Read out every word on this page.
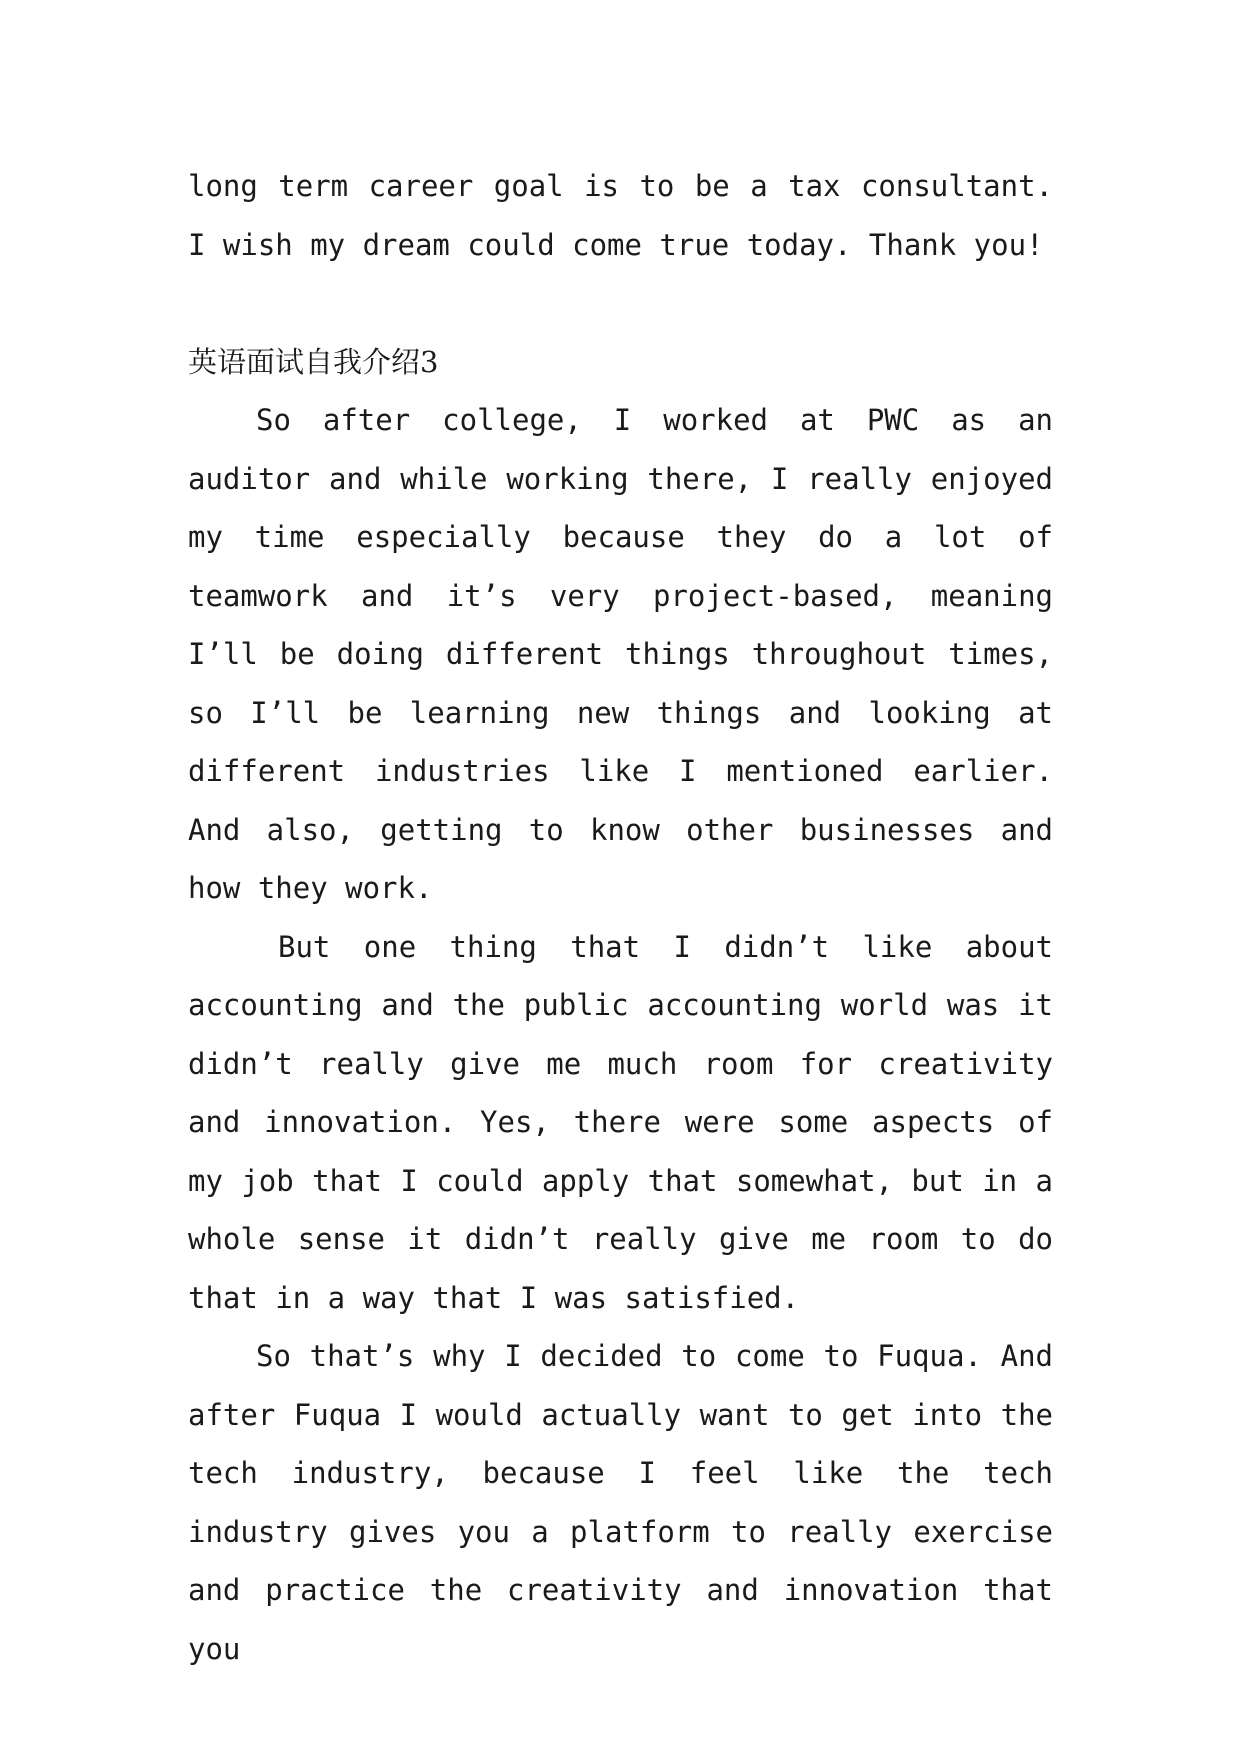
long term career goal is to be a tax consultant. I wish my dream could come true today. Thank you!

英语面试自我介绍3

So after college, I worked at PWC as an auditor and while working there, I really enjoyed my time especially because they do a lot of teamwork and it’s very project-based, meaning I’ll be doing different things throughout times, so I’ll be learning new things and looking at different industries like I mentioned earlier. And also, getting to know other businesses and how they work.

But one thing that I didn’t like about accounting and the public accounting world was it didn’t really give me much room for creativity and innovation. Yes, there were some aspects of my job that I could apply that somewhat, but in a whole sense it didn’t really give me room to do that in a way that I was satisfied.

So that’s why I decided to come to Fuqua. And after Fuqua I would actually want to get into the tech industry, because I feel like the tech industry gives you a platform to really exercise and practice the creativity and innovation that you
